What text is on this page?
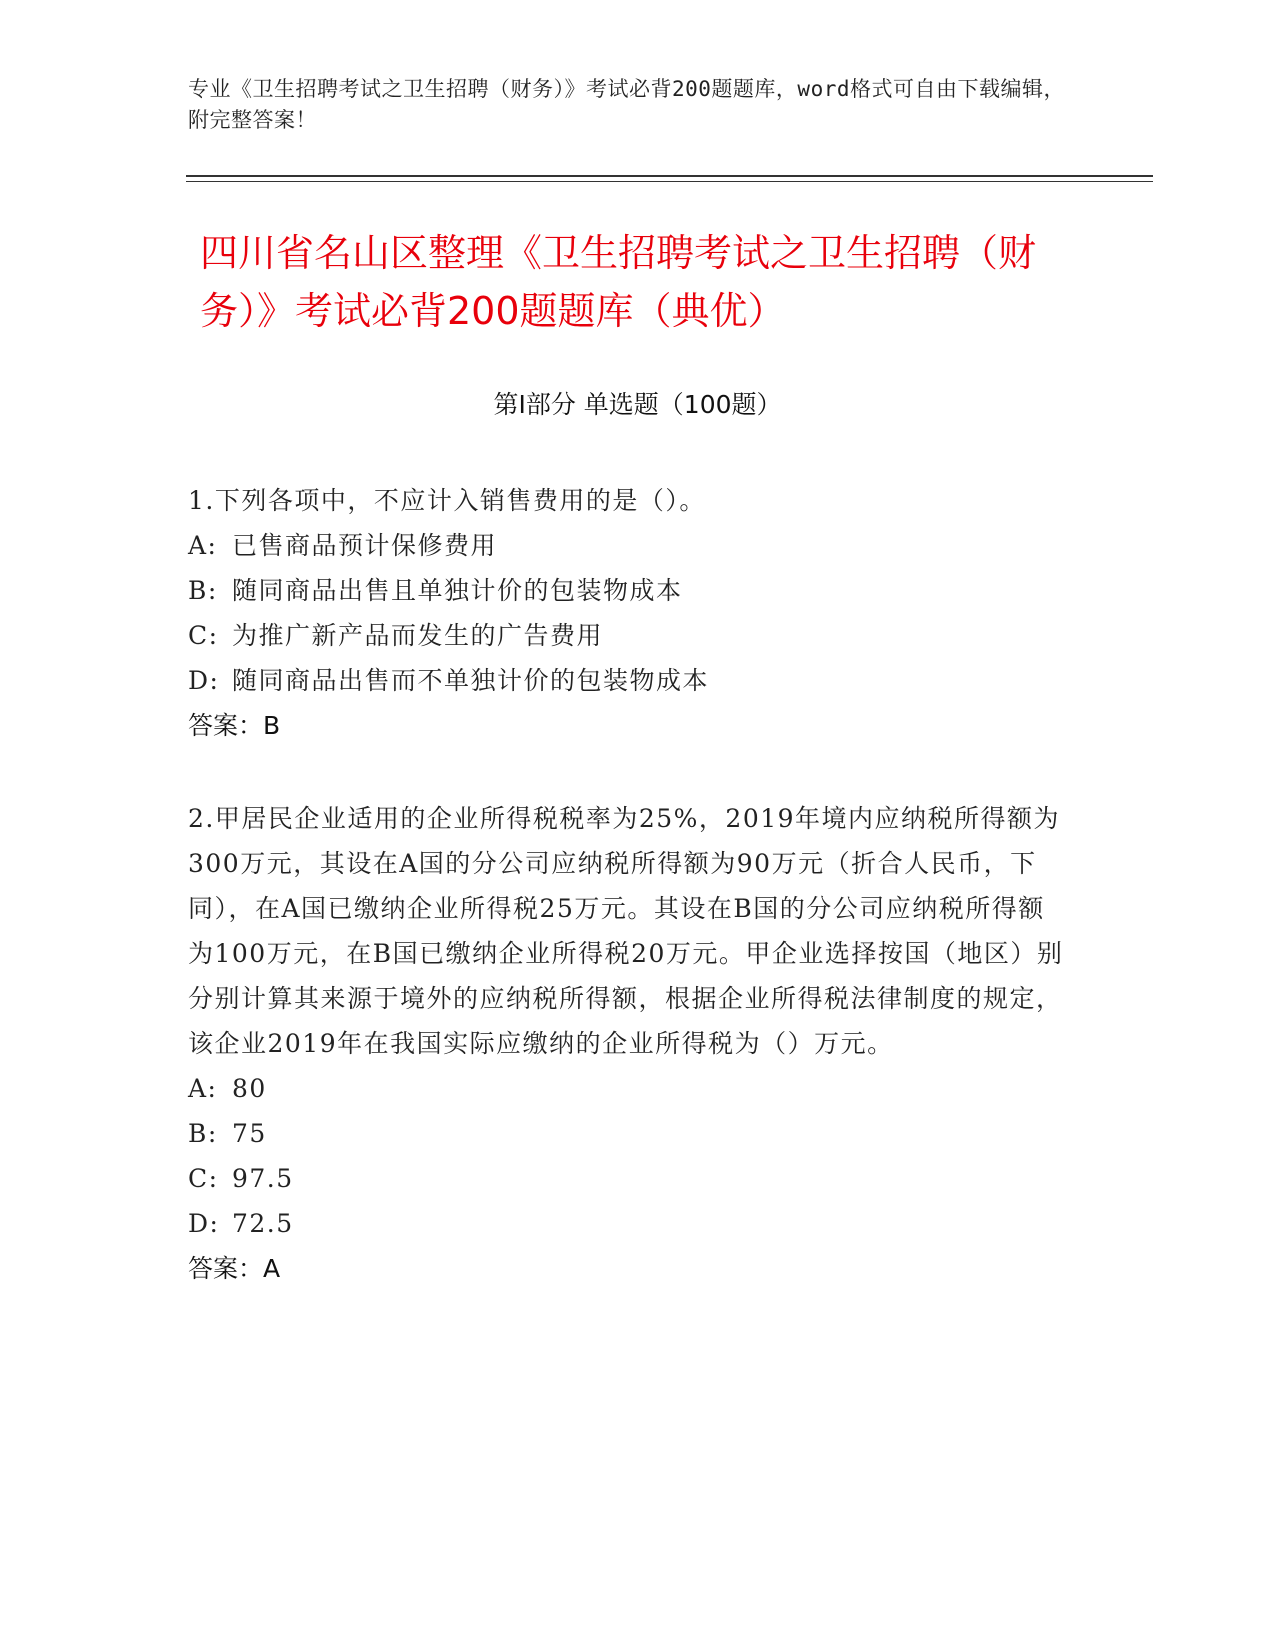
专业《卫生招聘考试之卫生招聘（财务）》考试必背200题题库，word格式可自由下载编辑，附完整答案！
四川省名山区整理《卫生招聘考试之卫生招聘（财务）》考试必背200题题库（典优）
第Ⅰ部分 单选题（100题）
1.下列各项中，不应计入销售费用的是（）。
A: 已售商品预计保修费用
B: 随同商品出售且单独计价的包装物成本
C: 为推广新产品而发生的广告费用
D: 随同商品出售而不单独计价的包装物成本
答案：B
2.甲居民企业适用的企业所得税税率为25%，2019年境内应纳税所得额为300万元，其设在A国的分公司应纳税所得额为90万元（折合人民币，下同），在A国已缴纳企业所得税25万元。其设在B国的分公司应纳税所得额为100万元，在B国已缴纳企业所得税20万元。甲企业选择按国（地区）别分别计算其来源于境外的应纳税所得额，根据企业所得税法律制度的规定，该企业2019年在我国实际应缴纳的企业所得税为（）万元。
A: 80
B: 75
C: 97.5
D: 72.5
答案：A
